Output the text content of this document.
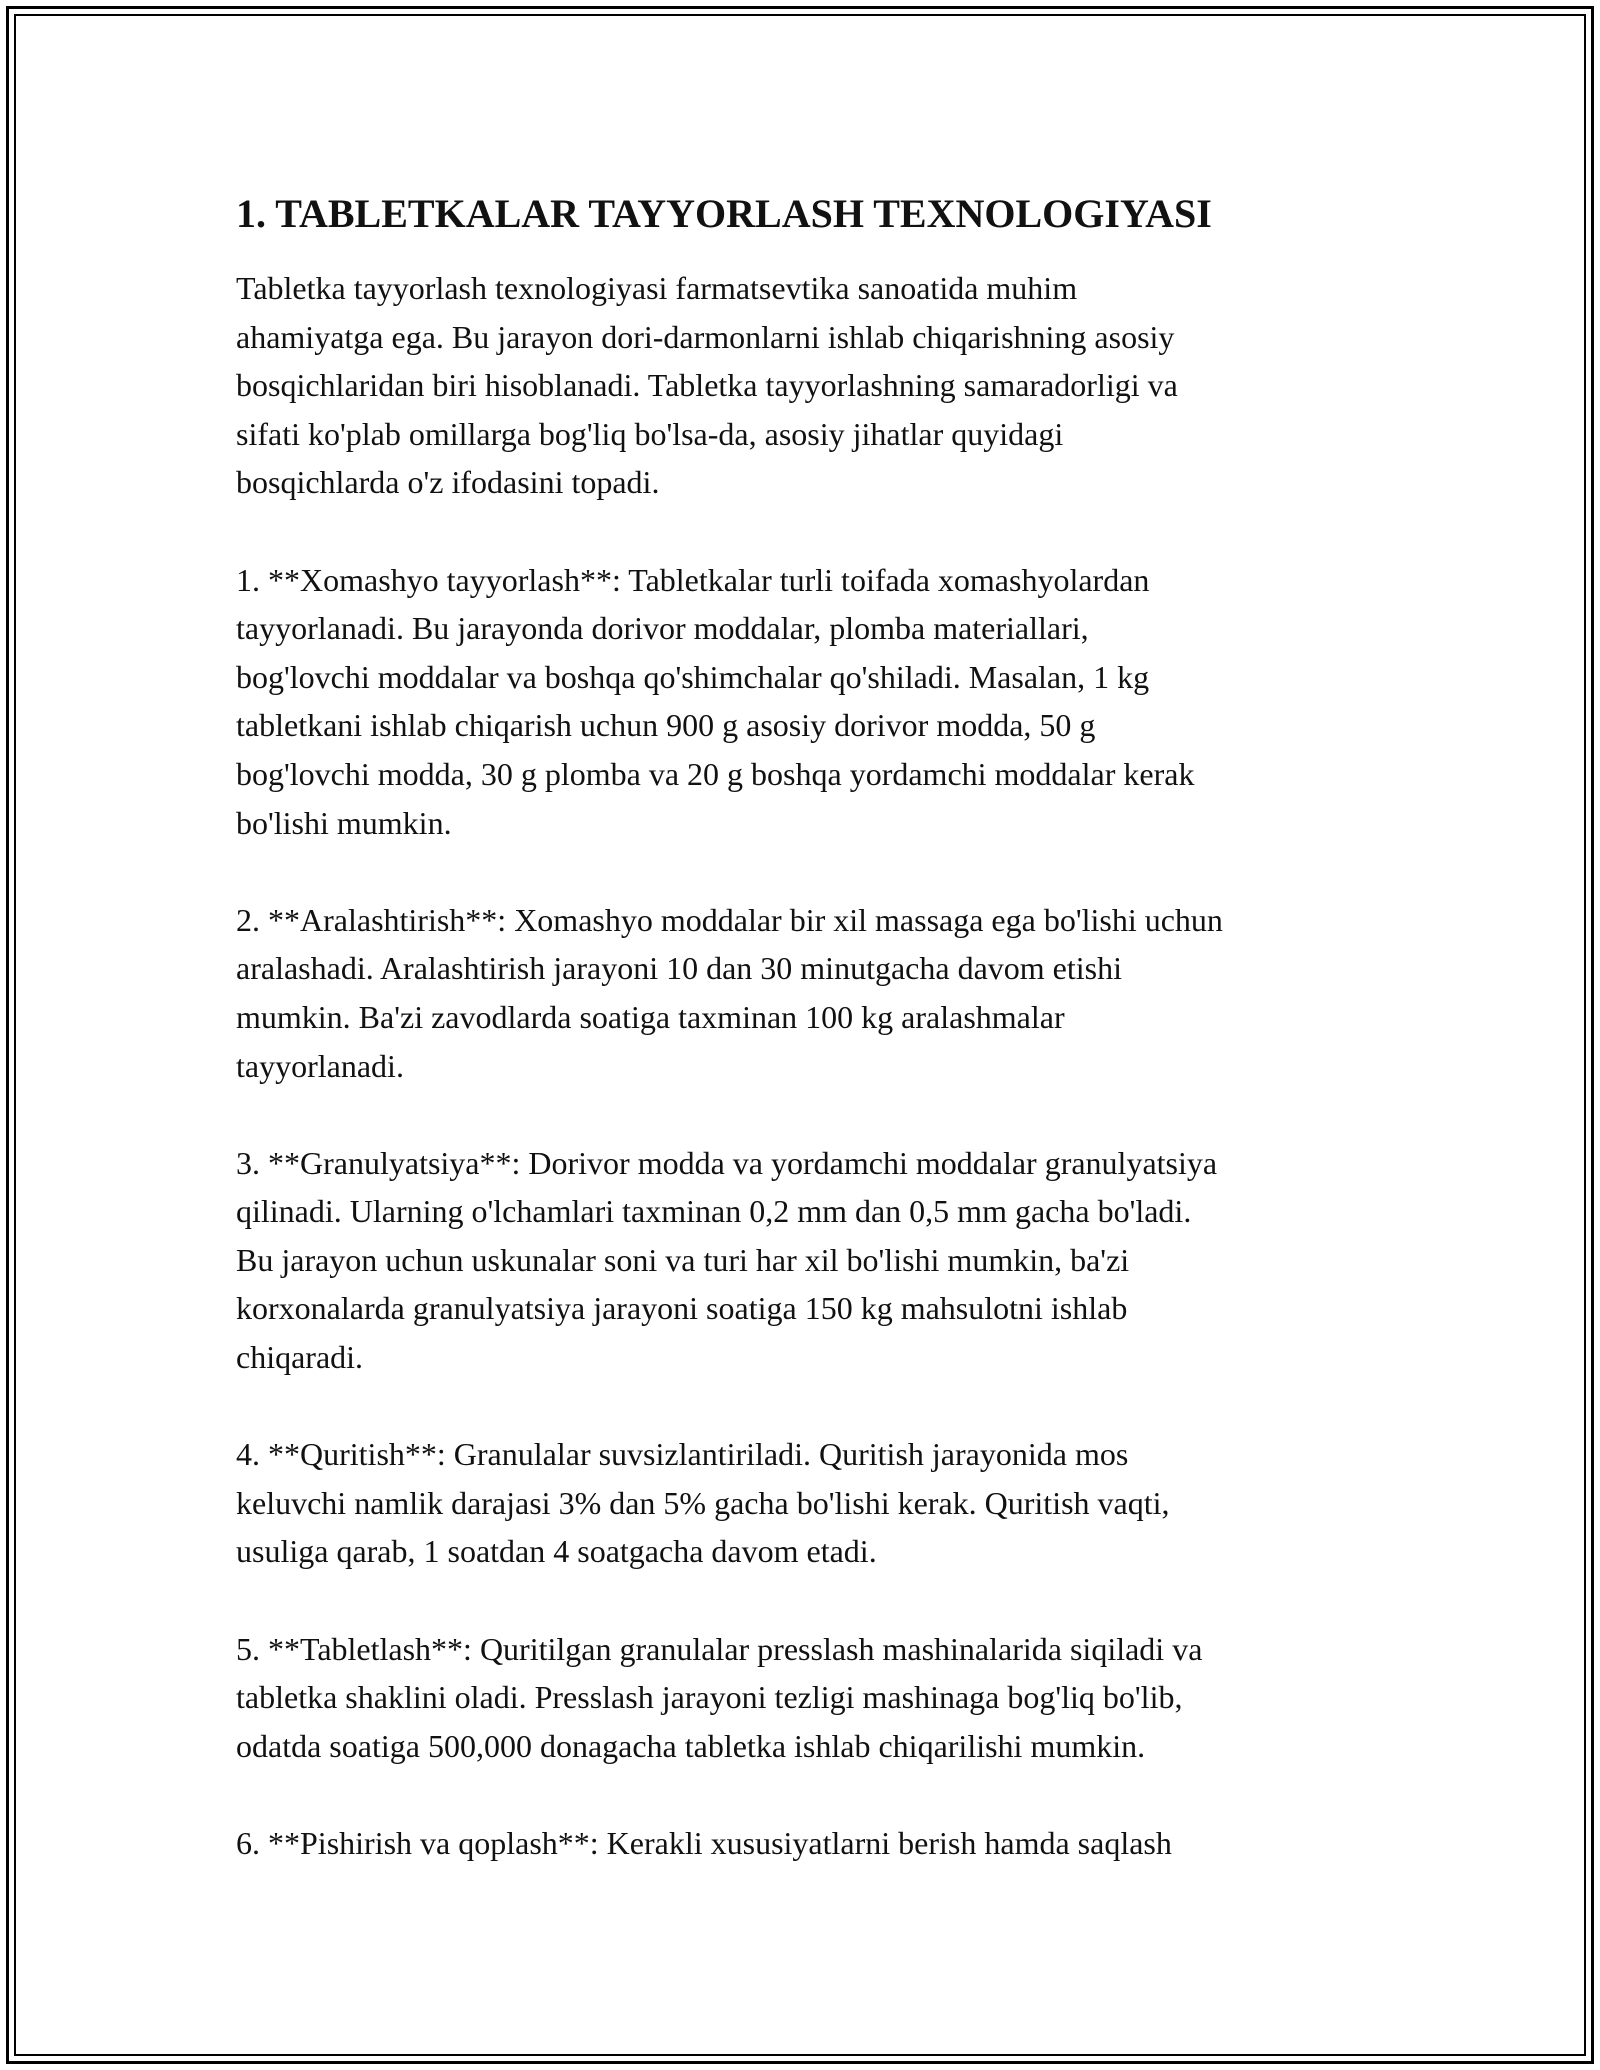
1. TABLETKALAR TAYYORLASH TEXNOLOGIYASI
Tabletka tayyorlash texnologiyasi farmatsevtika sanoatida muhim
ahamiyatga ega. Bu jarayon dori-darmonlarni ishlab chiqarishning asosiy
bosqichlaridan biri hisoblanadi. Tabletka tayyorlashning samaradorligi va
sifati ko'plab omillarga bog'liq bo'lsa-da, asosiy jihatlar quyidagi
bosqichlarda o'z ifodasini topadi.
1. **Xomashyo tayyorlash**: Tabletkalar turli toifada xomashyolardan
tayyorlanadi. Bu jarayonda dorivor moddalar, plomba materiallari,
bog'lovchi moddalar va boshqa qo'shimchalar qo'shiladi. Masalan, 1 kg
tabletkani ishlab chiqarish uchun 900 g asosiy dorivor modda, 50 g
bog'lovchi modda, 30 g plomba va 20 g boshqa yordamchi moddalar kerak
bo'lishi mumkin.
2. **Aralashtirish**: Xomashyo moddalar bir xil massaga ega bo'lishi uchun
aralashadi. Aralashtirish jarayoni 10 dan 30 minutgacha davom etishi
mumkin. Ba'zi zavodlarda soatiga taxminan 100 kg aralashmalar
tayyorlanadi.
3. **Granulyatsiya**: Dorivor modda va yordamchi moddalar granulyatsiya
qilinadi. Ularning o'lchamlari taxminan 0,2 mm dan 0,5 mm gacha bo'ladi.
Bu jarayon uchun uskunalar soni va turi har xil bo'lishi mumkin, ba'zi
korxonalarda granulyatsiya jarayoni soatiga 150 kg mahsulotni ishlab
chiqaradi.
4. **Quritish**: Granulalar suvsizlantiriladi. Quritish jarayonida mos
keluvchi namlik darajasi 3% dan 5% gacha bo'lishi kerak. Quritish vaqti,
usuliga qarab, 1 soatdan 4 soatgacha davom etadi.
5. **Tabletlash**: Quritilgan granulalar presslash mashinalarida siqiladi va
tabletka shaklini oladi. Presslash jarayoni tezligi mashinaga bog'liq bo'lib,
odatda soatiga 500,000 donagacha tabletka ishlab chiqarilishi mumkin.
6. **Pishirish va qoplash**: Kerakli xususiyatlarni berish hamda saqlash
